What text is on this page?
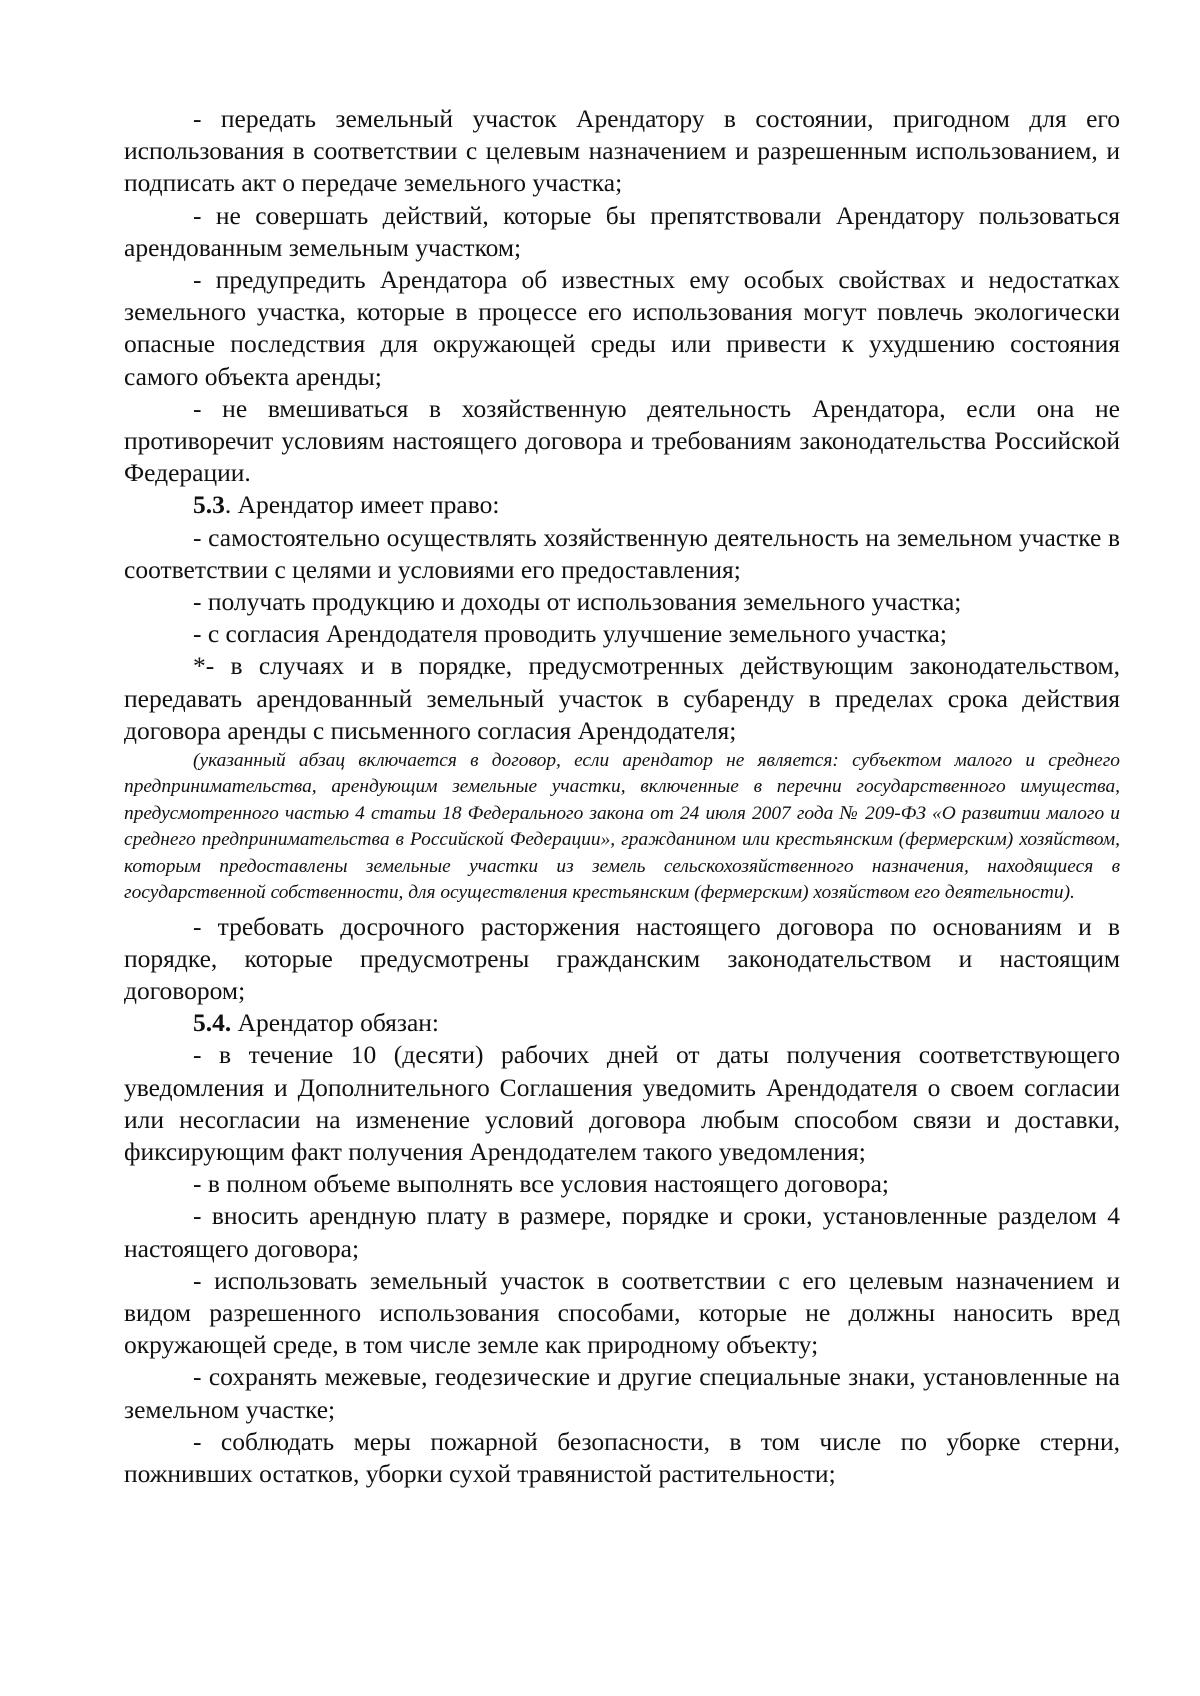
- передать земельный участок Арендатору в состоянии, пригодном для его использования в соответствии с целевым назначением и разрешенным использованием, и подписать акт о передаче земельного участка;

- не совершать действий, которые бы препятствовали Арендатору пользоваться арендованным земельным участком;

- предупредить Арендатора об известных ему особых свойствах и недостатках земельного участка, которые в процессе его использования могут повлечь экологически опасные последствия для окружающей среды или привести к ухудшению состояния самого объекта аренды;

- не вмешиваться в хозяйственную деятельность Арендатора, если она не противоречит условиям настоящего договора и требованиям законодательства Российской Федерации.

5.3. Арендатор имеет право:

- самостоятельно осуществлять хозяйственную деятельность на земельном участке в соответствии с целями и условиями его предоставления;

- получать продукцию и доходы от использования земельного участка;

- с согласия Арендодателя проводить улучшение земельного участка;

*- в случаях и в порядке, предусмотренных действующим законодательством, передавать арендованный земельный участок в субаренду в пределах срока действия договора аренды с письменного согласия Арендодателя;

(указанный абзац включается в договор, если арендатор не является: субъектом малого и среднего предпринимательства, арендующим земельные участки, включенные в перечни государственного имущества, предусмотренного частью 4 статьи 18 Федерального закона от 24 июля 2007 года № 209-ФЗ «О развитии малого и среднего предпринимательства в Российской Федерации», гражданином или крестьянским (фермерским) хозяйством, которым предоставлены земельные участки из земель сельскохозяйственного назначения, находящиеся в государственной собственности, для осуществления крестьянским (фермерским) хозяйством его деятельности).

- требовать досрочного расторжения настоящего договора по основаниям и в порядке, которые предусмотрены гражданским законодательством и настоящим договором;

5.4. Арендатор обязан:

- в течение 10 (десяти) рабочих дней от даты получения соответствующего уведомления и Дополнительного Соглашения уведомить Арендодателя о своем согласии или несогласии на изменение условий договора любым способом связи и доставки, фиксирующим факт получения Арендодателем такого уведомления;

- в полном объеме выполнять все условия настоящего договора;

- вносить арендную плату в размере, порядке и сроки, установленные разделом 4 настоящего договора;

- использовать земельный участок в соответствии с его целевым назначением и видом разрешенного использования способами, которые не должны наносить вред окружающей среде, в том числе земле как природному объекту;

- сохранять межевые, геодезические и другие специальные знаки, установленные на земельном участке;

- соблюдать меры пожарной безопасности, в том числе по уборке стерни, пожнивших остатков, уборки сухой травянистой растительности;
